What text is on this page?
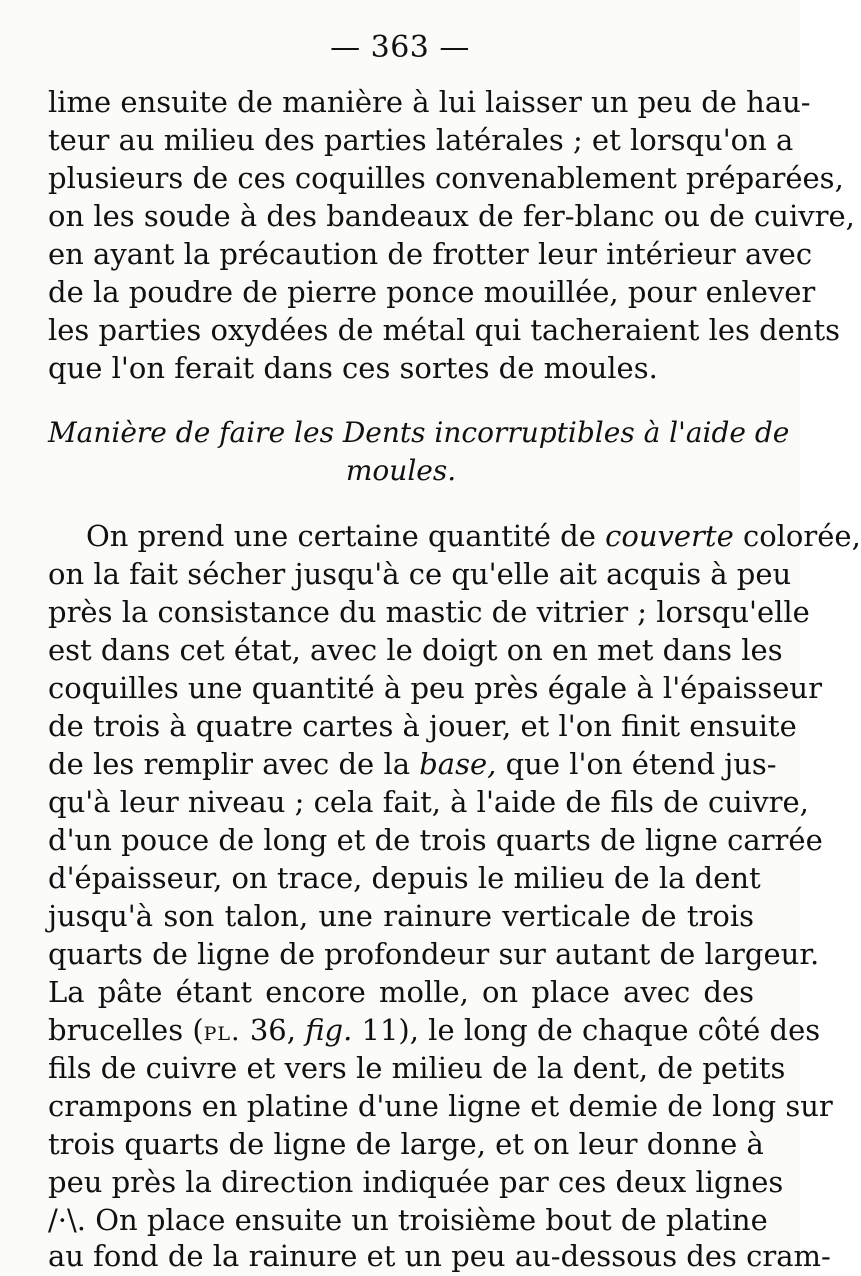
— 363 —
lime ensuite de manière à lui laisser un peu de hau-
teur au milieu des parties latérales ; et lorsqu'on a
plusieurs de ces coquilles convenablement préparées,
on les soude à des bandeaux de fer-blanc ou de cuivre,
en ayant la précaution de frotter leur intérieur avec
de la poudre de pierre ponce mouillée, pour enlever
les parties oxydées de métal qui tacheraient les dents
que l'on ferait dans ces sortes de moules.
Manière de faire les Dents incorruptibles à l'aide de
moules.
On prend une certaine quantité de couverte colorée,
on la fait sécher jusqu'à ce qu'elle ait acquis à peu
près la consistance du mastic de vitrier ; lorsqu'elle
est dans cet état, avec le doigt on en met dans les
coquilles une quantité à peu près égale à l'épaisseur
de trois à quatre cartes à jouer, et l'on finit ensuite
de les remplir avec de la base, que l'on étend jus-
qu'à leur niveau ; cela fait, à l'aide de fils de cuivre,
d'un pouce de long et de trois quarts de ligne carrée
d'épaisseur, on trace, depuis le milieu de la dent
jusqu'à son talon, une rainure verticale de trois
quarts de ligne de profondeur sur autant de largeur.
La pâte étant encore molle, on place avec des
brucelles (pl. 36, fig. 11), le long de chaque côté des
fils de cuivre et vers le milieu de la dent, de petits
crampons en platine d'une ligne et demie de long sur
trois quarts de ligne de large, et on leur donne à
peu près la direction indiquée par ces deux lignes
/·\. On place ensuite un troisième bout de platine
au fond de la rainure et un peu au-dessous des cram-
